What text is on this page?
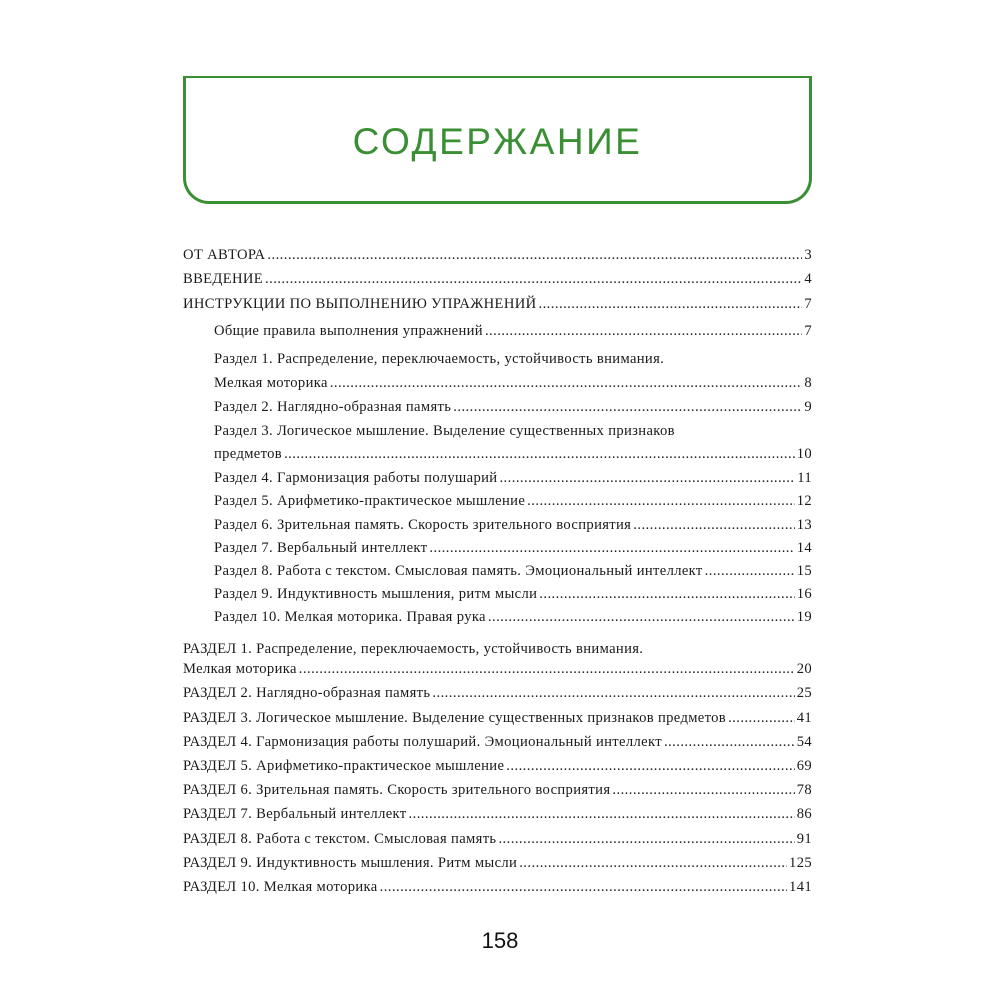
СОДЕРЖАНИЕ
ОТ АВТОРА . . .	3
ВВЕДЕНИЕ . . .	4
ИНСТРУКЦИИ ПО ВЫПОЛНЕНИЮ УПРАЖНЕНИЙ . . .	7
Общие правила выполнения упражнений . . .	7
Раздел 1. Распределение, переключаемость, устойчивость внимания.
Мелкая моторика . . .	8
Раздел 2. Наглядно-образная память . . .	9
Раздел 3. Логическое мышление. Выделение существенных признаков
предметов . . .	10
Раздел 4. Гармонизация работы полушарий . . .	11
Раздел 5. Арифметико-практическое мышление . . .	12
Раздел 6. Зрительная память. Скорость зрительного восприятия . . .	13
Раздел 7. Вербальный интеллект . . .	14
Раздел 8. Работа с текстом. Смысловая память. Эмоциональный интеллект . . .	15
Раздел 9. Индуктивность мышления, ритм мысли . . .	16
Раздел 10. Мелкая моторика. Правая рука . . .	19
РАЗДЕЛ 1. Распределение, переключаемость, устойчивость внимания.
Мелкая моторика . . .	20
РАЗДЕЛ 2. Наглядно-образная память . . .	25
РАЗДЕЛ 3. Логическое мышление. Выделение существенных признаков предметов . . .	41
РАЗДЕЛ 4. Гармонизация работы полушарий. Эмоциональный интеллект . . .	54
РАЗДЕЛ 5. Арифметико-практическое мышление . . .	69
РАЗДЕЛ 6. Зрительная память. Скорость зрительного восприятия . . .	78
РАЗДЕЛ 7. Вербальный интеллект . . .	86
РАЗДЕЛ 8. Работа с текстом. Смысловая память . . .	91
РАЗДЕЛ 9. Индуктивность мышления. Ритм мысли . . .	125
РАЗДЕЛ 10. Мелкая моторика . . .	141
158
